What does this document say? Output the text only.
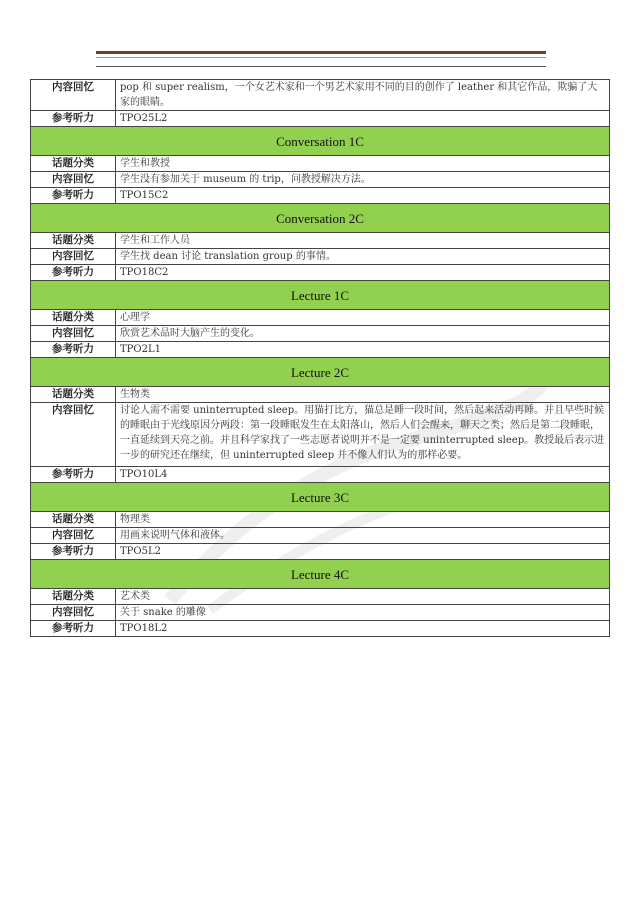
内容回忆	pop 和 super realism，一个女艺术家和一个男艺术家用不同的目的创作了 leather 和其它作品，欺骗了大家的眼睛。
参考听力	TPO25L2
Conversation 1C	
话题分类	学生和教授
内容回忆	学生没有参加关于 museum 的 trip，问教授解决方法。
参考听力	TPO15C2
Conversation 2C	
话题分类	学生和工作人员
内容回忆	学生找 dean 讨论 translation group 的事情。
参考听力	TPO18C2
Lecture 1C	
话题分类	心理学
内容回忆	欣赏艺术品时大脑产生的变化。
参考听力	TPO2L1
Lecture 2C	
话题分类	生物类
内容回忆	讨论人需不需要 uninterrupted sleep。用猫打比方，猫总是睡一段时间，然后起来活动再睡。并且早些时候的睡眠由于光线原因分两段：第一段睡眠发生在太阳落山，然后人们会醒来，聊天之类；然后是第二段睡眠，一直延续到天亮之前。并且科学家找了一些志愿者说明并不是一定要 uninterrupted sleep。教授最后表示进一步的研究还在继续，但 uninterrupted sleep 并不像人们认为的那样必要。
参考听力	TPO10L4
Lecture 3C	
话题分类	物理类
内容回忆	用画来说明气体和液体。
参考听力	TPO5L2
Lecture 4C	
话题分类	艺术类
内容回忆	关于 snake 的雕像
参考听力	TPO18L2
